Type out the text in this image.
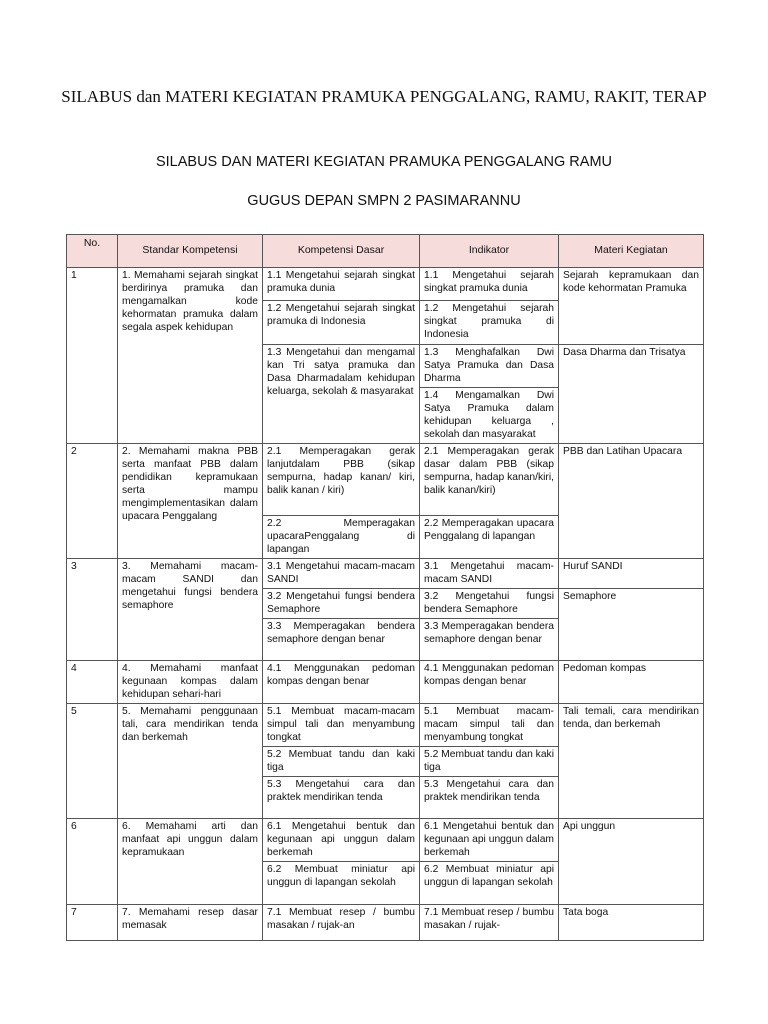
SILABUS dan MATERI KEGIATAN PRAMUKA PENGGALANG, RAMU, RAKIT, TERAP
SILABUS DAN MATERI KEGIATAN PRAMUKA PENGGALANG RAMU
GUGUS DEPAN SMPN 2 PASIMARANNU
No.	Standar Kompetensi	Kompetensi Dasar	Indikator	Materi Kegiatan
1	1. Memahami sejarah singkat berdirinya pramuka dan mengamalkan kode kehormatan pramuka dalam segala aspek kehidupan	1.1 Mengetahui sejarah singkat pramuka dunia	1.1 Mengetahui sejarah singkat pramuka dunia	Sejarah kepramukaan dan kode kehormatan Pramuka
		1.2 Mengetahui sejarah singkat pramuka di Indonesia	1.2 Mengetahui sejarah singkat pramuka di Indonesia	
		1.3 Mengetahui dan mengamal kan Tri satya pramuka dan Dasa Dharmadalam kehidupan keluarga, sekolah & masyarakat	1.3 Menghafalkan Dwi Satya Pramuka dan Dasa Dharma	Dasa Dharma dan Trisatya
			1.4 Mengamalkan Dwi Satya Pramuka dalam kehidupan keluarga , sekolah dan masyarakat	
2	2. Memahami makna PBB serta manfaat PBB dalam pendidikan kepramukaan serta mampu mengimplementasikan dalam upacara Penggalang	2.1 Memperagakan gerak lanjutdalam PBB (sikap sempurna, hadap kanan/ kiri, balik kanan / kiri)	2.1 Memperagakan gerak dasar dalam PBB (sikap sempurna, hadap kanan/kiri, balik kanan/kiri)	PBB dan Latihan Upacara
		2.2 Memperagakan upacaraPenggalang di lapangan	2.2 Memperagakan upacara Penggalang di lapangan	
3	3. Memahami macam-macam SANDI dan mengetahui fungsi bendera semaphore	3.1 Mengetahui macam-macam SANDI	3.1 Mengetahui macam-macam SANDI	Huruf SANDI
		3.2 Mengetahui fungsi bendera Semaphore	3.2 Mengetahui fungsi bendera Semaphore	Semaphore
		3.3 Memperagakan bendera semaphore dengan benar	3.3 Memperagakan bendera semaphore dengan benar	
4	4. Memahami manfaat kegunaan kompas dalam kehidupan sehari-hari	4.1 Menggunakan pedoman kompas dengan benar	4.1 Menggunakan pedoman kompas dengan benar	Pedoman kompas
5	5. Memahami penggunaan tali, cara mendirikan tenda dan berkemah	5.1 Membuat macam-macam simpul tali dan menyambung tongkat	5.1 Membuat macam-macam simpul tali dan menyambung tongkat	Tali temali, cara mendirikan tenda, dan berkemah
		5.2 Membuat tandu dan kaki tiga	5.2 Membuat tandu dan kaki tiga	
		5.3 Mengetahui cara dan praktek mendirikan tenda	5.3 Mengetahui cara dan praktek mendirikan tenda	
6	6. Memahami arti dan manfaat api unggun dalam kepramukaan	6.1 Mengetahui bentuk dan kegunaan api unggun dalam berkemah	6.1 Mengetahui bentuk dan kegunaan api unggun dalam berkemah	Api unggun
		6.2 Membuat miniatur api unggun di lapangan sekolah	6.2 Membuat miniatur api unggun di lapangan sekolah	
7	7. Memahami resep dasar memasak	7.1 Membuat resep / bumbu masakan / rujak-an	7.1 Membuat resep / bumbu masakan / rujak-	Tata boga
